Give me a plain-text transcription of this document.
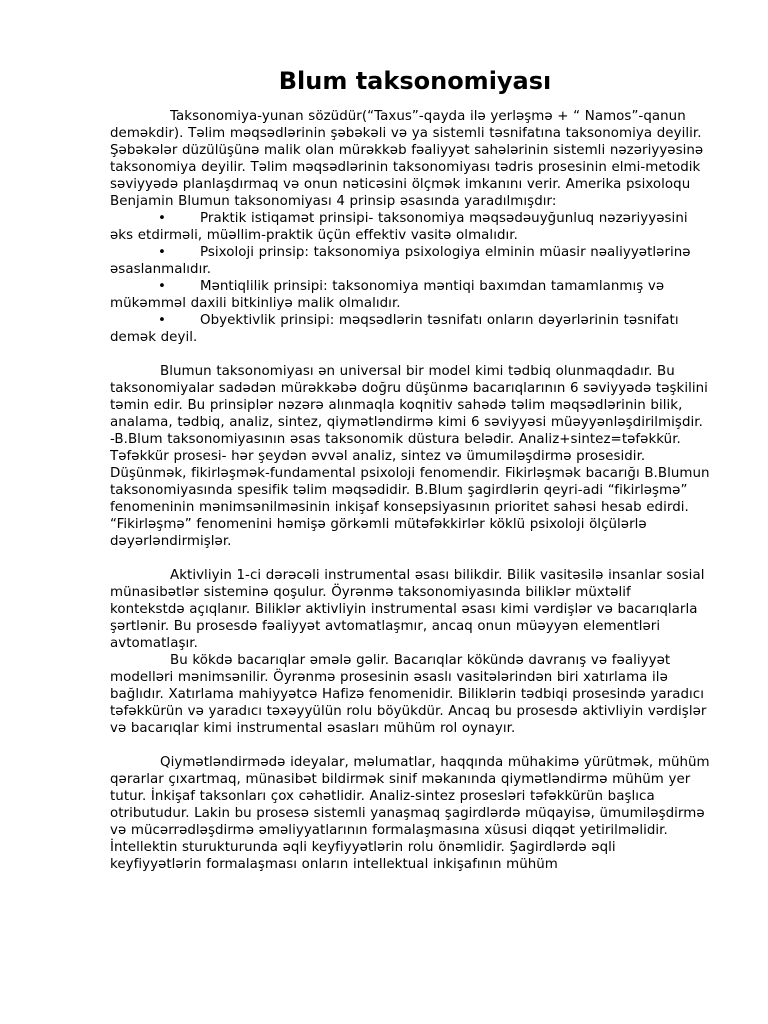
Blum taksonomiyası

Taksonomiya-yunan sözüdür(“Taxus”-qayda ilə yerləşmə + “ Namos”-qanun deməkdir). Təlim məqsədlərinin şəbəkəli və ya sistemli təsnifatına taksonomiya deyilir. Şəbəkələr düzülüşünə malik olan mürəkkəb fəaliyyət sahələrinin sistemli nəzəriyyəsinə taksonomiya deyilir. Təlim məqsədlərinin taksonomiyası tədris prosesinin elmi-metodik səviyyədə planlaşdırmaq və onun nəticəsini ölçmək imkanını verir. Amerika psixoloqu Benjamin Blumun taksonomiyası 4 prinsip əsasında yaradılmışdır:

•	Praktik istiqamət prinsipi- taksonomiya məqsədəuyğunluq nəzəriyyəsini əks etdirməli, müəllim-praktik üçün effektiv vasitə olmalıdır.

•	Psixoloji prinsip: taksonomiya psixologiya elminin müasir nəaliyyətlərinə əsaslanmalıdır.

•	Məntiqlilik prinsipi: taksonomiya məntiqi baxımdan tamamlanmış və mükəmməl daxili bitkinliyə malik olmalıdır.

•	Obyektivlik prinsipi: məqsədlərin təsnifatı onların dəyərlərinin təsnifatı demək deyil.

Blumun taksonomiyası ən universal bir model kimi tədbiq olunmaqdadır. Bu taksonomiyalar sadədən mürəkkəbə doğru düşünmə bacarıqlarının 6 səviyyədə təşkilini təmin edir. Bu prinsiplər nəzərə alınmaqla koqnitiv sahədə təlim məqsədlərinin bilik, analama, tədbiq, analiz, sintez, qiymətləndirmə kimi 6 səviyyəsi müəyyənləşdirilmişdir. -B.Blum taksonomiyasının əsas taksonomik düstura belədir. Analiz+sintez=təfəkkür. Təfəkkür prosesi- hər şeydən əvvəl analiz, sintez və ümumiləşdirmə prosesidir. Düşünmək, fikirləşmək-fundamental psixoloji fenomendir. Fikirləşmək bacarığı B.Blumun taksonomiyasında spesifik təlim məqsədidir. B.Blum şagirdlərin qeyri-adi “fikirləşmə” fenomeninin mənimsənilməsinin inkişaf konsepsiyasının prioritet sahəsi hesab edirdi. “Fikirləşmə” fenomenini həmişə görkəmli mütəfəkkirlər köklü psixoloji ölçülərlə dəyərləndirmişlər.

Aktivliyin 1-ci dərəcəli instrumental əsası bilikdir. Bilik vasitəsilə insanlar sosial münasibətlər sisteminə qoşulur. Öyrənmə taksonomiyasında biliklər müxtəlif kontekstdə açıqlanır. Biliklər aktivliyin instrumental əsası kimi vərdişlər və bacarıqlarla şərtlənir. Bu prosesdə fəaliyyət avtomatlaşmır, ancaq onun müəyyən elementləri avtomatlaşır.

Bu kökdə bacarıqlar əmələ gəlir. Bacarıqlar kökündə davranış və fəaliyyət modelləri mənimsənilir. Öyrənmə prosesinin əsaslı vasitələrindən biri xatırlama ilə bağlıdır. Xatırlama mahiyyətcə Hafizə fenomenidir. Biliklərin tədbiqi prosesində yaradıcı təfəkkürün və yaradıcı təxəyyülün rolu böyükdür. Ancaq bu prosesdə aktivliyin vərdişlər və bacarıqlar kimi instrumental əsasları mühüm rol oynayır.

Qiymətləndirmədə ideyalar, məlumatlar, haqqında mühakimə yürütmək, mühüm qərarlar çıxartmaq, münasibət bildirmək sinif məkanında qiymətləndirmə mühüm yer tutur. İnkişaf taksonları çox cəhətlidir. Analiz-sintez prosesləri təfəkkürün başlıca otributudur. Lakin bu prosesə sistemli yanaşmaq şagirdlərdə müqayisə, ümumiləşdirmə və mücərrədləşdirmə əməliyyatlarının formalaşmasına xüsusi diqqət yetirilməlidir. İntellektin sturukturunda əqli keyfiyyətlərin rolu önəmlidir. Şagirdlərdə əqli keyfiyyətlərin formalaşması onların intellektual inkişafının mühüm
